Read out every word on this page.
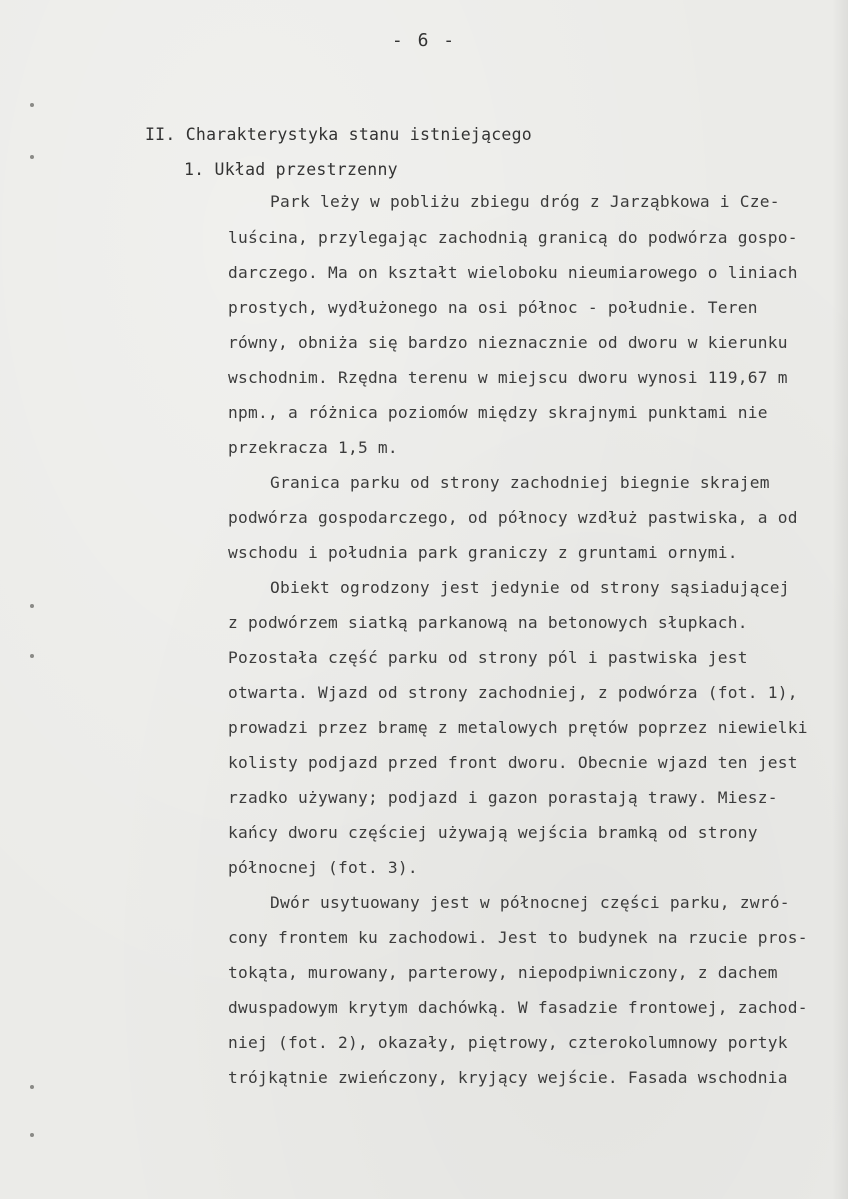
- 6 -
II. Charakterystyka stanu istniejącego
1. Układ przestrzenny
Park leży w pobliżu zbiegu dróg z Jarząbkowa i Cze-
luścina, przylegając zachodnią granicą do podwórza gospo-
darczego. Ma on kształt wieloboku nieumiarowego o liniach
prostych, wydłużonego na osi północ - południe. Teren
równy, obniża się bardzo nieznacznie od dworu w kierunku
wschodnim. Rzędna terenu w miejscu dworu wynosi 119,67 m
npm., a różnica poziomów między skrajnymi punktami nie
przekracza 1,5 m.
Granica parku od strony zachodniej biegnie skrajem
podwórza gospodarczego, od północy wzdłuż pastwiska, a od
wschodu i południa park graniczy z gruntami ornymi.
Obiekt ogrodzony jest jedynie od strony sąsiadującej
z podwórzem siatką parkanową na betonowych słupkach.
Pozostała część parku od strony pól i pastwiska jest
otwarta. Wjazd od strony zachodniej, z podwórza (fot. 1),
prowadzi przez bramę z metalowych prętów poprzez niewielki
kolisty podjazd przed front dworu. Obecnie wjazd ten jest
rzadko używany; podjazd i gazon porastają trawy. Miesz-
kańcy dworu częściej używają wejścia bramką od strony
północnej (fot. 3).
Dwór usytuowany jest w północnej części parku, zwró-
cony frontem ku zachodowi. Jest to budynek na rzucie pros-
tokąta, murowany, parterowy, niepodpiwniczony, z dachem
dwuspadowym krytym dachówką. W fasadzie frontowej, zachod-
niej (fot. 2), okazały, piętrowy, czterokolumnowy portyk
trójkątnie zwieńczony, kryjący wejście. Fasada wschodnia
